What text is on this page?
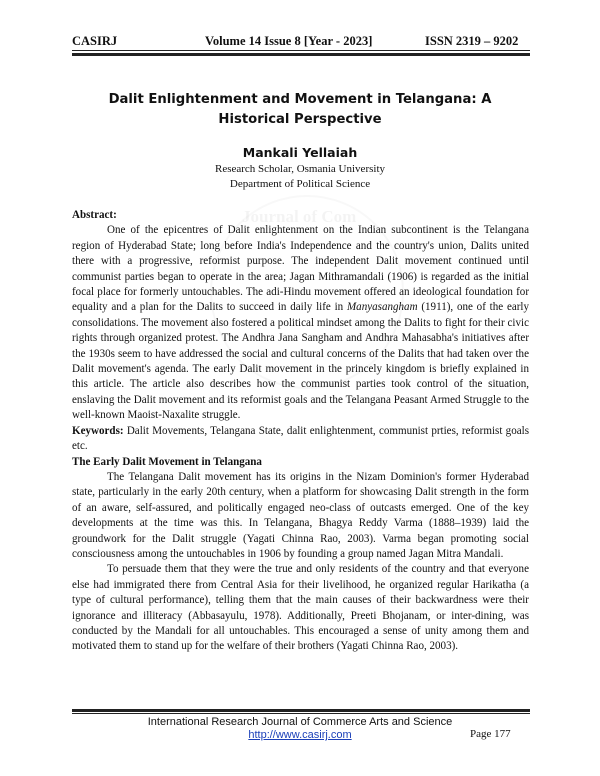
CASIRJ	Volume 14 Issue 8 [Year - 2023]	ISSN 2319 – 9202
Journal of Com
Dalit Enlightenment and Movement in Telangana: A Historical Perspective
Mankali Yellaiah
Research Scholar, Osmania University
Department of Political Science

Abstract:

One of the epicentres of Dalit enlightenment on the Indian subcontinent is the Telangana region of Hyderabad State; long before India's Independence and the country's union, Dalits united there with a progressive, reformist purpose. The independent Dalit movement continued until communist parties began to operate in the area; Jagan Mithramandali (1906) is regarded as the initial focal place for formerly untouchables. The adi-Hindu movement offered an ideological foundation for equality and a plan for the Dalits to succeed in daily life in Manyasangham (1911), one of the early consolidations. The movement also fostered a political mindset among the Dalits to fight for their civic rights through organized protest. The Andhra Jana Sangham and Andhra Mahasabha's initiatives after the 1930s seem to have addressed the social and cultural concerns of the Dalits that had taken over the Dalit movement's agenda. The early Dalit movement in the princely kingdom is briefly explained in this article. The article also describes how the communist parties took control of the situation, enslaving the Dalit movement and its reformist goals and the Telangana Peasant Armed Struggle to the well-known Maoist-Naxalite struggle.

Keywords: Dalit Movements, Telangana State, dalit enlightenment, communist prties, reformist goals etc.

The Early Dalit Movement in Telangana

The Telangana Dalit movement has its origins in the Nizam Dominion's former Hyderabad state, particularly in the early 20th century, when a platform for showcasing Dalit strength in the form of an aware, self-assured, and politically engaged neo-class of outcasts emerged. One of the key developments at the time was this. In Telangana, Bhagya Reddy Varma (1888–1939) laid the groundwork for the Dalit struggle (Yagati Chinna Rao, 2003). Varma began promoting social consciousness among the untouchables in 1906 by founding a group named Jagan Mitra Mandali.

To persuade them that they were the true and only residents of the country and that everyone else had immigrated there from Central Asia for their livelihood, he organized regular Harikatha (a type of cultural performance), telling them that the main causes of their backwardness were their ignorance and illiteracy (Abbasayulu, 1978). Additionally, Preeti Bhojanam, or inter-dining, was conducted by the Mandali for all untouchables. This encouraged a sense of unity among them and motivated them to stand up for the welfare of their brothers (Yagati Chinna Rao, 2003).

International Research Journal of Commerce Arts and Science
http://www.casirj.com	Page 177
